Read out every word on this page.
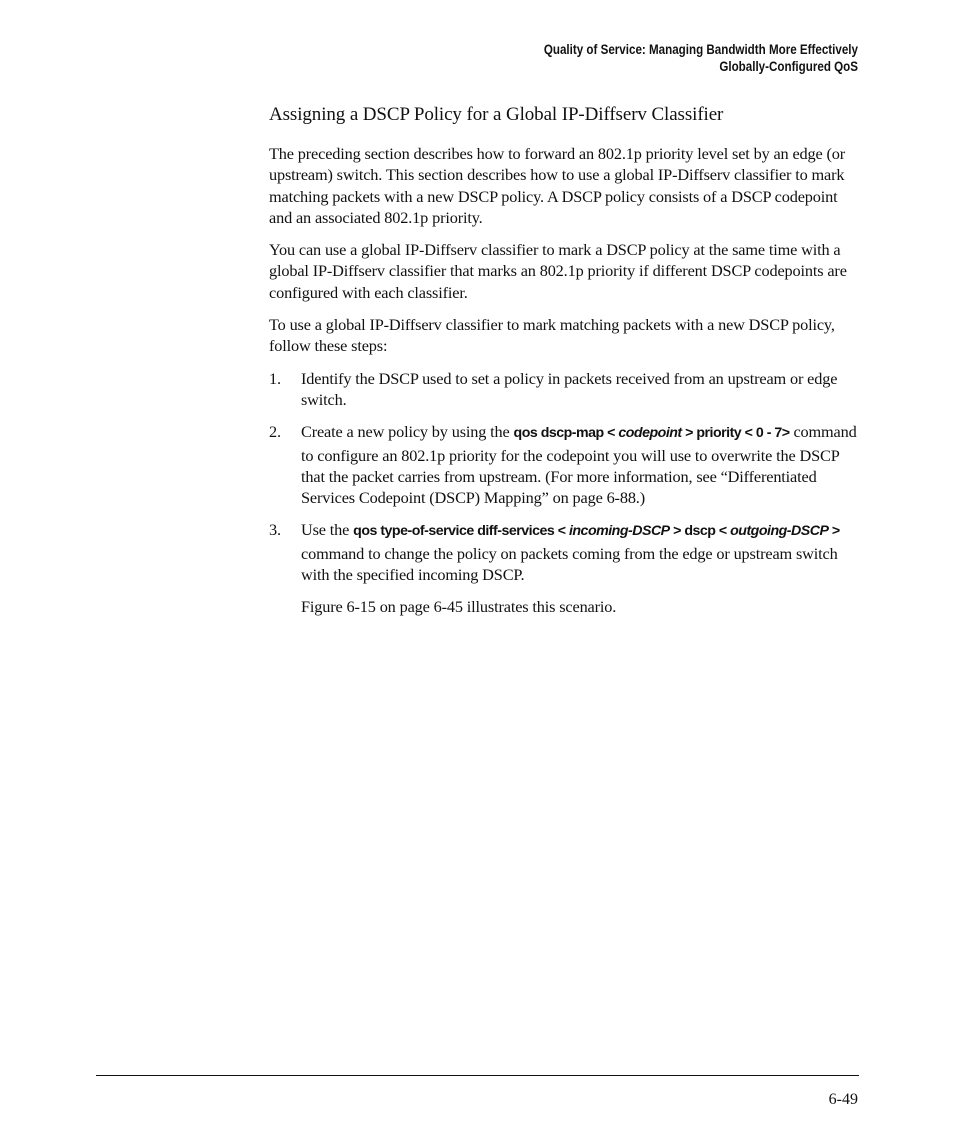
Quality of Service: Managing Bandwidth More Effectively
Globally-Configured QoS
Assigning a DSCP Policy for a Global IP-Diffserv Classifier

The preceding section describes how to forward an 802.1p priority level set by an edge (or upstream) switch. This section describes how to use a global IP-Diffserv classifier to mark matching packets with a new DSCP policy. A DSCP policy consists of a DSCP codepoint and an associated 802.1p priority.

You can use a global IP-Diffserv classifier to mark a DSCP policy at the same time with a global IP-Diffserv classifier that marks an 802.1p priority if different DSCP codepoints are configured with each classifier.

To use a global IP-Diffserv classifier to mark matching packets with a new DSCP policy, follow these steps:

1.	Identify the DSCP used to set a policy in packets received from an upstream or edge switch.
2.	Create a new policy by using the qos dscp-map < codepoint > priority < 0 - 7> command to configure an 802.1p priority for the codepoint you will use to overwrite the DSCP that the packet carries from upstream. (For more information, see “Differentiated Services Codepoint (DSCP) Mapping” on page 6-88.)
3.	Use the qos type-of-service diff-services < incoming-DSCP > dscp < outgoing-DSCP > command to change the policy on packets coming from the edge or upstream switch with the specified incoming DSCP.

Figure 6-15 on page 6-45 illustrates this scenario.

6-49
